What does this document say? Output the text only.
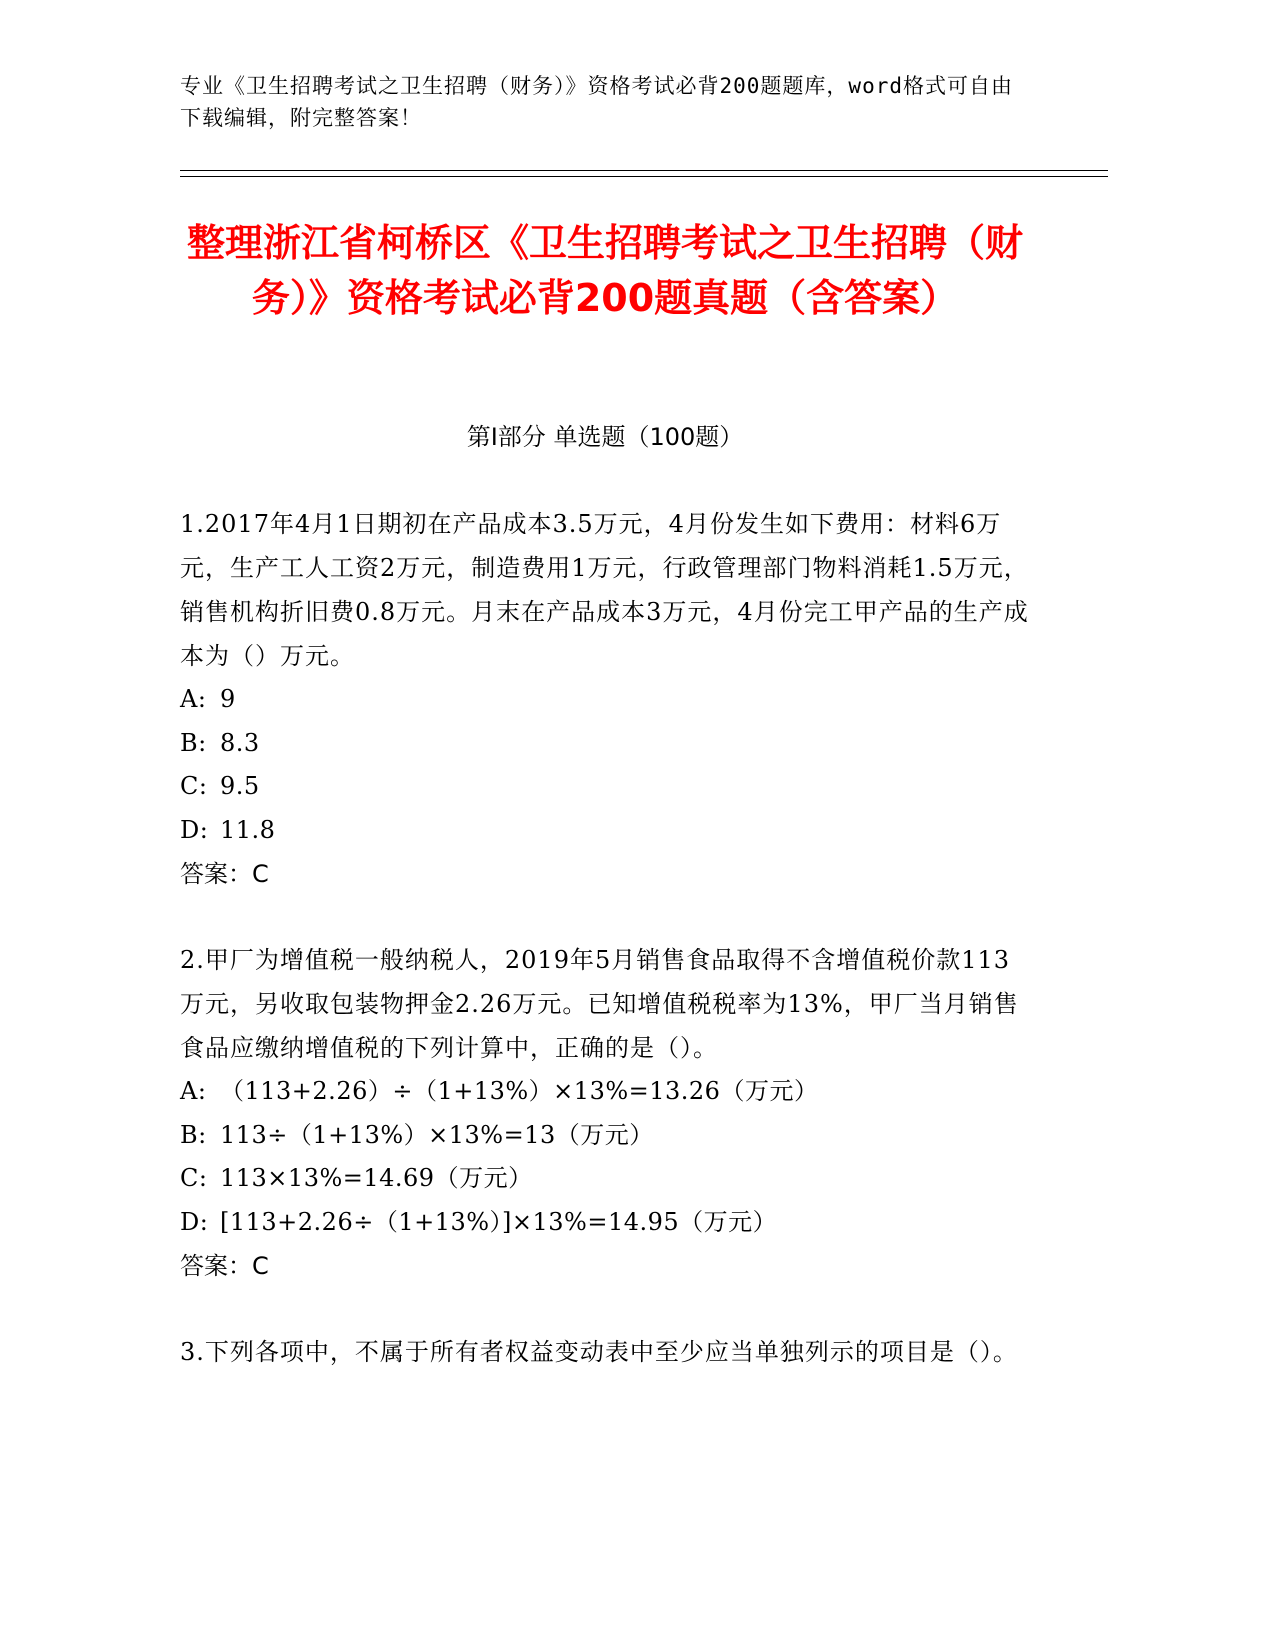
专业《卫生招聘考试之卫生招聘（财务）》资格考试必背200题题库，word格式可自由下载编辑，附完整答案！
整理浙江省柯桥区《卫生招聘考试之卫生招聘（财务）》资格考试必背200题真题（含答案）
第Ⅰ部分 单选题（100题）
1.2017年4月1日期初在产品成本3.5万元，4月份发生如下费用：材料6万元，生产工人工资2万元，制造费用1万元，行政管理部门物料消耗1.5万元，销售机构折旧费0.8万元。月末在产品成本3万元，4月份完工甲产品的生产成本为（）万元。
A: 9
B: 8.3
C: 9.5
D: 11.8
答案：C
2.甲厂为增值税一般纳税人，2019年5月销售食品取得不含增值税价款113万元，另收取包装物押金2.26万元。已知增值税税率为13%，甲厂当月销售食品应缴纳增值税的下列计算中，正确的是（）。
A: （113+2.26）÷（1+13%）×13%=13.26（万元）
B: 113÷（1+13%）×13%=13（万元）
C: 113×13%=14.69（万元）
D: [113+2.26÷（1+13%）]×13%=14.95（万元）
答案：C
3.下列各项中，不属于所有者权益变动表中至少应当单独列示的项目是（）。
